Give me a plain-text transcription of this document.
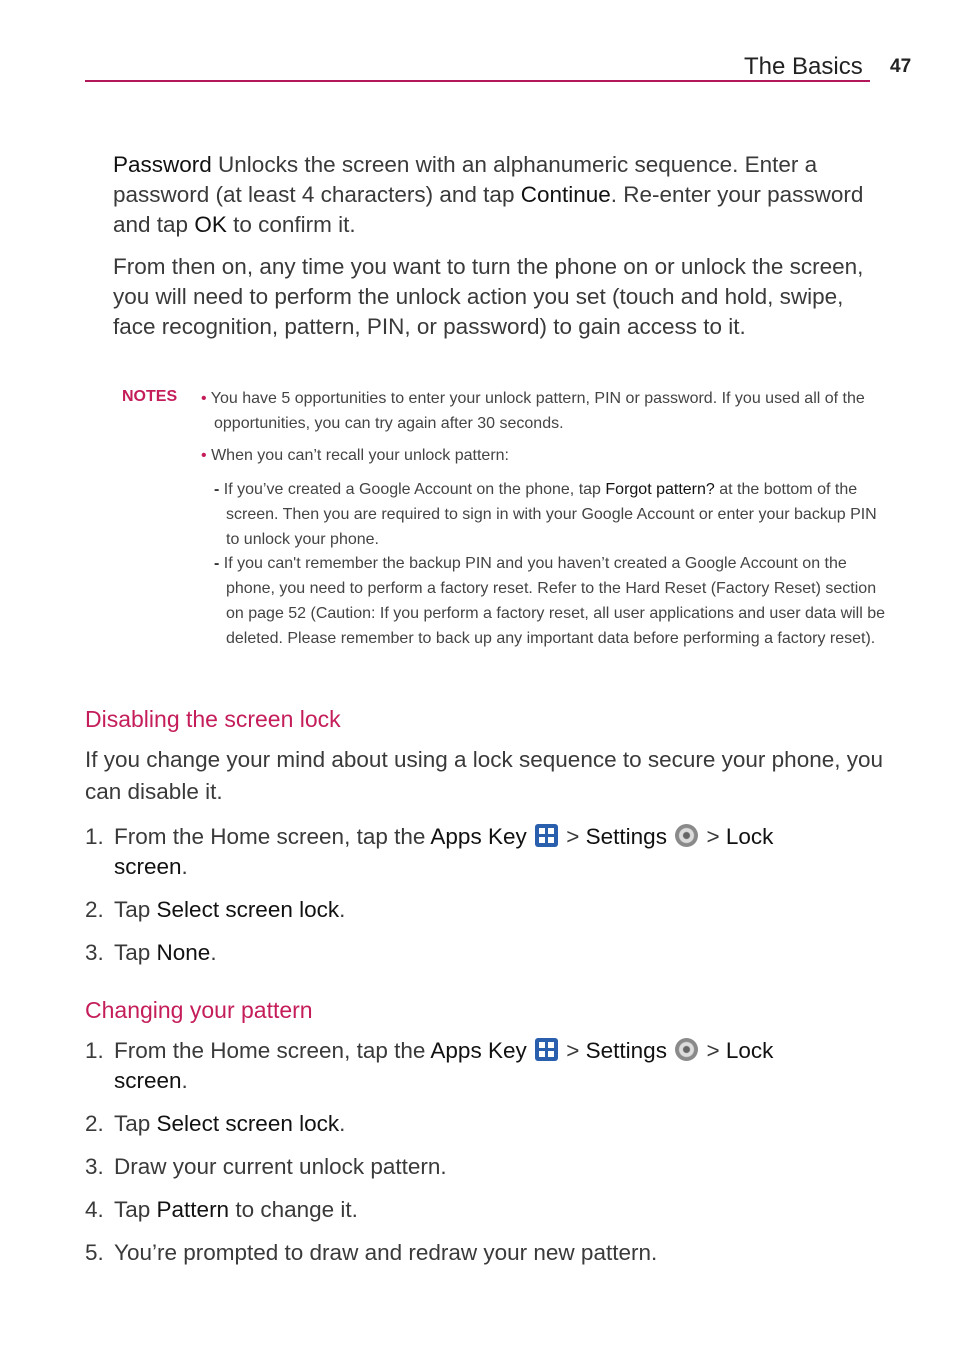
The Basics 47

Password Unlocks the screen with an alphanumeric sequence. Enter a password (at least 4 characters) and tap Continue. Re-enter your password and tap OK to confirm it.

From then on, any time you want to turn the phone on or unlock the screen, you will need to perform the unlock action you set (touch and hold, swipe, face recognition, pattern, PIN, or password) to gain access to it.

NOTES • You have 5 opportunities to enter your unlock pattern, PIN or password. If you used all of the opportunities, you can try again after 30 seconds.

• When you can’t recall your unlock pattern:

- If you’ve created a Google Account on the phone, tap Forgot pattern? at the bottom of the screen. Then you are required to sign in with your Google Account or enter your backup PIN to unlock your phone.

- If you can't remember the backup PIN and you haven’t created a Google Account on the phone, you need to perform a factory reset. Refer to the Hard Reset (Factory Reset) section on page 52 (Caution: If you perform a factory reset, all user applications and user data will be deleted. Please remember to back up any important data before performing a factory reset).

Disabling the screen lock

If you change your mind about using a lock sequence to secure your phone, you can disable it.

1. From the Home screen, tap the Apps Key
> Settings  > Lock
screen.

2. Tap Select screen lock.

3. Tap None.

Changing your pattern

1. From the Home screen, tap the Apps Key
> Settings  > Lock
screen.

2. Tap Select screen lock.

3. Draw your current unlock pattern.

4. Tap Pattern to change it.

5. You’re prompted to draw and redraw your new pattern.
